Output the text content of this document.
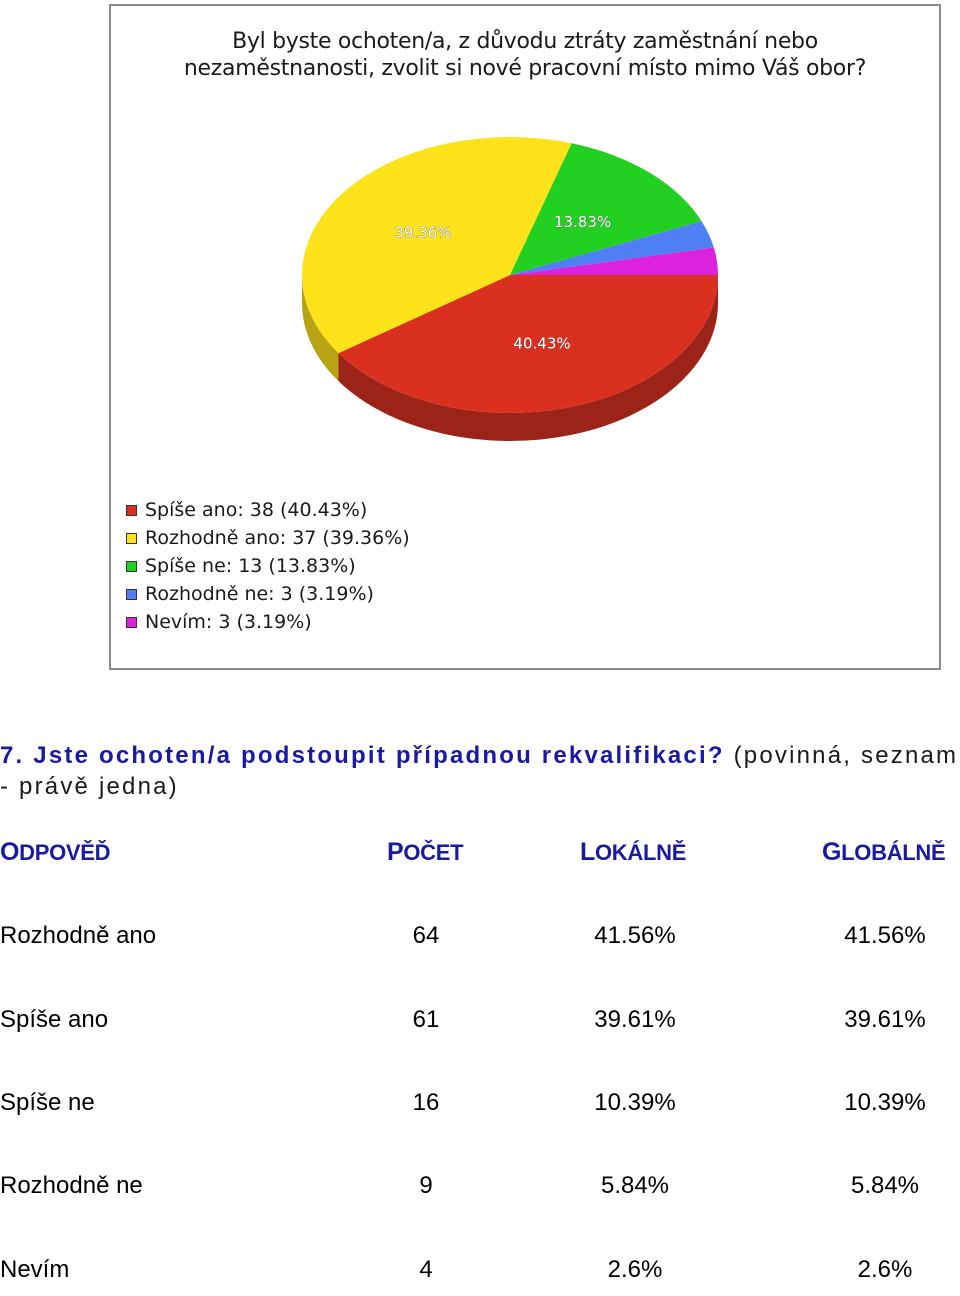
Byl byste ochoten/a, z důvodu ztráty zaměstnání nebo
nezaměstnanosti, zvolit si nové pracovní místo mimo Váš obor?
40.43%
39.36%
13.83%
Spíše ano: 38 (40.43%)
Rozhodně ano: 37 (39.36%)
Spíše ne: 13 (13.83%)
Rozhodně ne: 3 (3.19%)
Nevím: 3 (3.19%)
7. Jste ochoten/a podstoupit případnou rekvalifikaci? (povinná, seznam - právě jedna)
ODPOVĚĎ	POČET	LOKÁLNĚ	GLOBÁLNĚ
Rozhodně ano	64	41.56%	41.56%
Spíše ano	61	39.61%	39.61%
Spíše ne	16	10.39%	10.39%
Rozhodně ne	9	5.84%	5.84%
Nevím	4	2.6%	2.6%
